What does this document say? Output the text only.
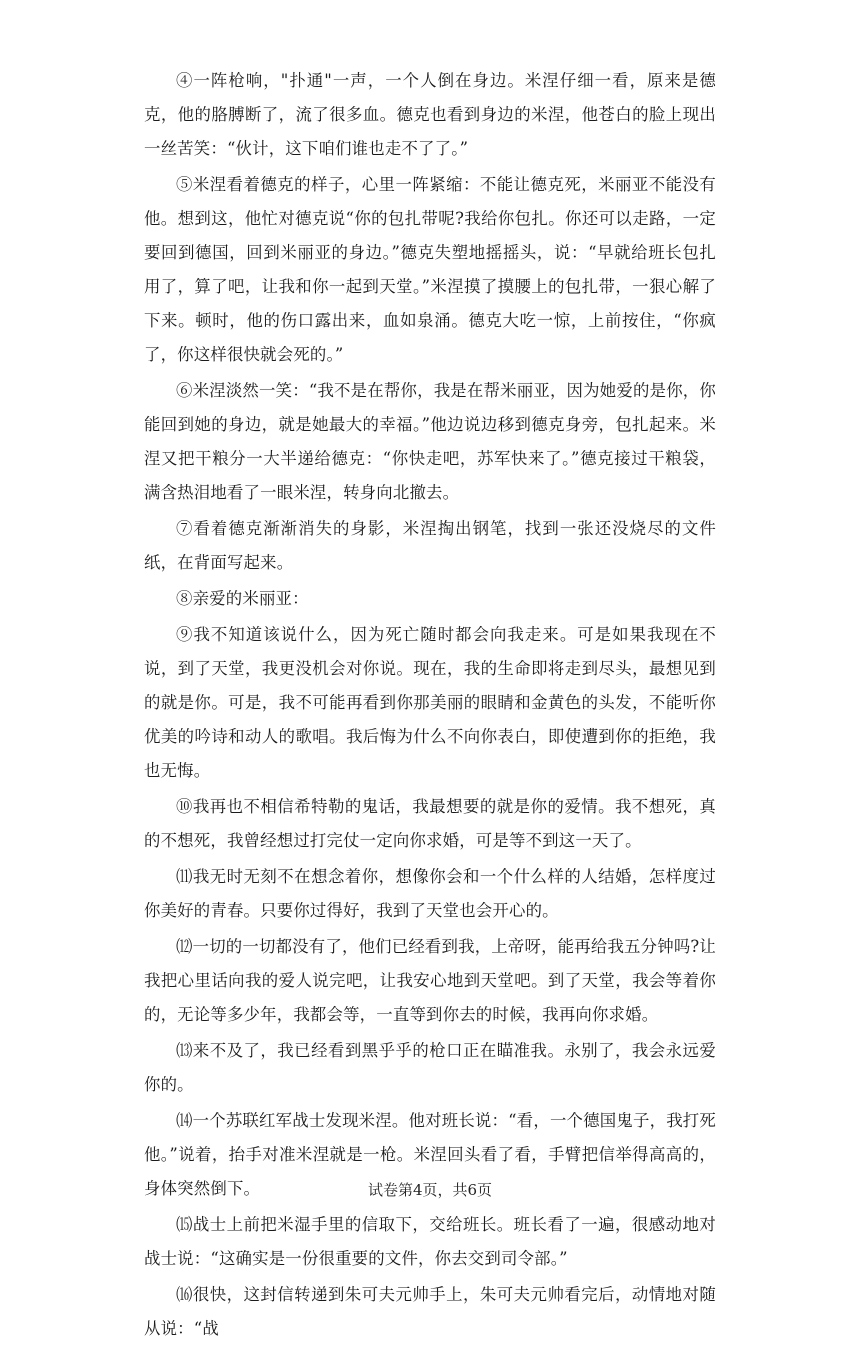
④一阵枪响，"扑通"一声，一个人倒在身边。米涅仔细一看，原来是德克，他的胳膊断了，流了很多血。德克也看到身边的米涅，他苍白的脸上现出一丝苦笑：“伙计，这下咱们谁也走不了了。”

⑤米涅看着德克的样子，心里一阵紧缩：不能让德克死，米丽亚不能没有他。想到这，他忙对德克说“你的包扎带呢?我给你包扎。你还可以走路，一定要回到德国，回到米丽亚的身边。”德克失塑地摇摇头，说：“早就给班长包扎用了，算了吧，让我和你一起到天堂。”米涅摸了摸腰上的包扎带，一狠心解了下来。顿时，他的伤口露出来，血如泉涌。德克大吃一惊，上前按住，“你疯了，你这样很快就会死的。”

⑥米涅淡然一笑：“我不是在帮你，我是在帮米丽亚，因为她爱的是你，你能回到她的身边，就是她最大的幸福。”他边说边移到德克身旁，包扎起来。米涅又把干粮分一大半递给德克：“你快走吧，苏军快来了。”德克接过干粮袋，满含热泪地看了一眼米涅，转身向北撤去。

⑦看着德克渐渐消失的身影，米涅掏出钢笔，找到一张还没烧尽的文件纸，在背面写起来。

⑧亲爱的米丽亚：

⑨我不知道该说什么，因为死亡随时都会向我走来。可是如果我现在不说，到了天堂，我更没机会对你说。现在，我的生命即将走到尽头，最想见到的就是你。可是，我不可能再看到你那美丽的眼睛和金黄色的头发，不能听你优美的吟诗和动人的歌唱。我后悔为什么不向你表白，即使遭到你的拒绝，我也无悔。

⑩我再也不相信希特勒的鬼话，我最想要的就是你的爱情。我不想死，真的不想死，我曾经想过打完仗一定向你求婚，可是等不到这一天了。

⑾我无时无刻不在想念着你，想像你会和一个什么样的人结婚，怎样度过你美好的青春。只要你过得好，我到了天堂也会开心的。

⑿一切的一切都没有了，他们已经看到我，上帝呀，能再给我五分钟吗?让我把心里话向我的爱人说完吧，让我安心地到天堂吧。到了天堂，我会等着你的，无论等多少年，我都会等，一直等到你去的时候，我再向你求婚。

⒀来不及了，我已经看到黑乎乎的枪口正在瞄准我。永别了，我会永远爱你的。

⒁一个苏联红军战士发现米涅。他对班长说：“看，一个德国鬼子，我打死他。”说着，抬手对准米涅就是一枪。米涅回头看了看，手臂把信举得高高的，身体突然倒下。

⒂战士上前把米湿手里的信取下，交给班长。班长看了一遍，很感动地对战士说：“这确实是一份很重要的文件，你去交到司令部。”

⒃很快，这封信转递到朱可夫元帅手上，朱可夫元帅看完后，动情地对随从说：“战

试卷第4页，共6页
